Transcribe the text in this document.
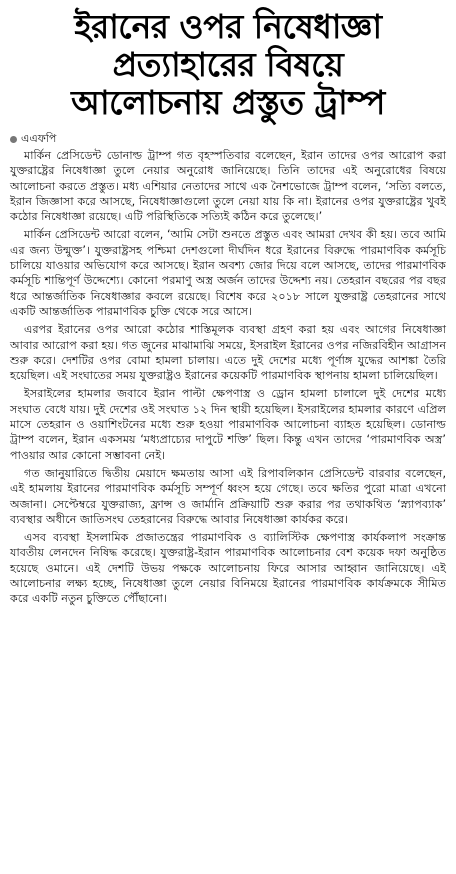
ইরানের ওপর নিষেধাজ্ঞা
প্রত্যাহারের বিষয়ে
আলোচনায় প্রস্তুত ট্রাম্প
এএফপি

মার্কিন প্রেসিডেন্ট ডোনাল্ড ট্রাম্প গত বৃহস্পতিবার বলেছেন, ইরান তাদের ওপর আরোপ করা যুক্তরাষ্ট্রের নিষেধাজ্ঞা তুলে নেয়ার অনুরোধ জানিয়েছে। তিনি তাদের এই অনুরোধের বিষয়ে আলোচনা করতে প্রস্তুত। মধ্য এশিয়ার নেতাদের সাথে এক নৈশভোজে ট্রাম্প বলেন, ‘সত্যি বলতে, ইরান জিজ্ঞাসা করে আসছে, নিষেধাজ্ঞাগুলো তুলে নেয়া যায় কি না। ইরানের ওপর যুক্তরাষ্ট্রের খুবই কঠোর নিষেধাজ্ঞা রয়েছে। এটি পরিস্থিতিকে সত্যিই কঠিন করে তুলেছে।’

মার্কিন প্রেসিডেন্ট আরো বলেন, ‘আমি সেটা শুনতে প্রস্তুত এবং আমরা দেখব কী হয়। তবে আমি এর জন্য উন্মুক্ত’। যুক্তরাষ্ট্রসহ পশ্চিমা দেশগুলো দীর্ঘদিন ধরে ইরানের বিরুদ্ধে পারমাণবিক কর্মসূচি চালিয়ে যাওয়ার অভিযোগ করে আসছে। ইরান অবশ্য জোর দিয়ে বলে আসছে, তাদের পারমাণবিক কর্মসূচি শান্তিপূর্ণ উদ্দেশ্যে। কোনো পরমাণু অস্ত্র অর্জন তাদের উদ্দেশ্য নয়। তেহরান বছরের পর বছর ধরে আন্তর্জাতিক নিষেধাজ্ঞার কবলে রয়েছে। বিশেষ করে ২০১৮ সালে যুক্তরাষ্ট্র তেহরানের সাথে একটি আন্তর্জাতিক পারমাণবিক চুক্তি থেকে সরে আসে।

এরপর ইরানের ওপর আরো কঠোর শাস্তিমূলক ব্যবস্থা গ্রহণ করা হয় এবং আগের নিষেধাজ্ঞা আবার আরোপ করা হয়। গত জুনের মাঝামাঝি সময়ে, ইসরাইল ইরানের ওপর নজিরবিহীন আগ্রাসন শুরু করে। দেশটির ওপর বোমা হামলা চালায়। এতে দুই দেশের মধ্যে পূর্ণাঙ্গ যুদ্ধের আশঙ্কা তৈরি হয়েছিল। এই সংঘাতের সময় যুক্তরাষ্ট্রও ইরানের কয়েকটি পারমাণবিক স্থাপনায় হামলা চালিয়েছিল।

ইসরাইলের হামলার জবাবে ইরান পাল্টা ক্ষেপণাস্ত্র ও ড্রোন হামলা চালালে দুই দেশের মধ্যে সংঘাত বেধে যায়। দুই দেশের ওই সংঘাত ১২ দিন স্থায়ী হয়েছিল। ইসরাইলের হামলার কারণে এপ্রিল মাসে তেহরান ও ওয়াশিংটনের মধ্যে শুরু হওয়া পারমাণবিক আলোচনা ব্যাহত হয়েছিল। ডোনাল্ড ট্রাম্প বলেন, ইরান একসময় ‘মধ্যপ্রাচ্যের দাপুটে শক্তি’ ছিল। কিন্তু এখন তাদের ‘পারমাণবিক অস্ত্র’ পাওয়ার আর কোনো সম্ভাবনা নেই।

গত জানুয়ারিতে দ্বিতীয় মেয়াদে ক্ষমতায় আসা এই রিপাবলিকান প্রেসিডেন্ট বারবার বলেছেন, এই হামলায় ইরানের পারমাণবিক কর্মসূচি সম্পূর্ণ ধ্বংস হয়ে গেছে। তবে ক্ষতির পুরো মাত্রা এখনো অজানা। সেপ্টেম্বরে যুক্তরাজ্য, ফ্রান্স ও জার্মানি প্রক্রিয়াটি শুরু করার পর তথাকথিত ‘স্ন্যাপব্যাক’ ব্যবস্থার অধীনে জাতিসংঘ তেহরানের বিরুদ্ধে আবার নিষেধাজ্ঞা কার্যকর করে।

এসব ব্যবস্থা ইসলামিক প্রজাতন্ত্রের পারমাণবিক ও ব্যালিস্টিক ক্ষেপণাস্ত্র কার্যকলাপ সংক্রান্ত যাবতীয় লেনদেন নিষিদ্ধ করেছে। যুক্তরাষ্ট্র-ইরান পারমাণবিক আলোচনার বেশ কয়েক দফা অনুষ্ঠিত হয়েছে ওমানে। এই দেশটি উভয় পক্ষকে আলোচনায় ফিরে আসার আহ্বান জানিয়েছে। এই আলোচনার লক্ষ্য হচ্ছে, নিষেধাজ্ঞা তুলে নেয়ার বিনিময়ে ইরানের পারমাণবিক কার্যক্রমকে সীমিত করে একটি নতুন চুক্তিতে পৌঁছানো।
